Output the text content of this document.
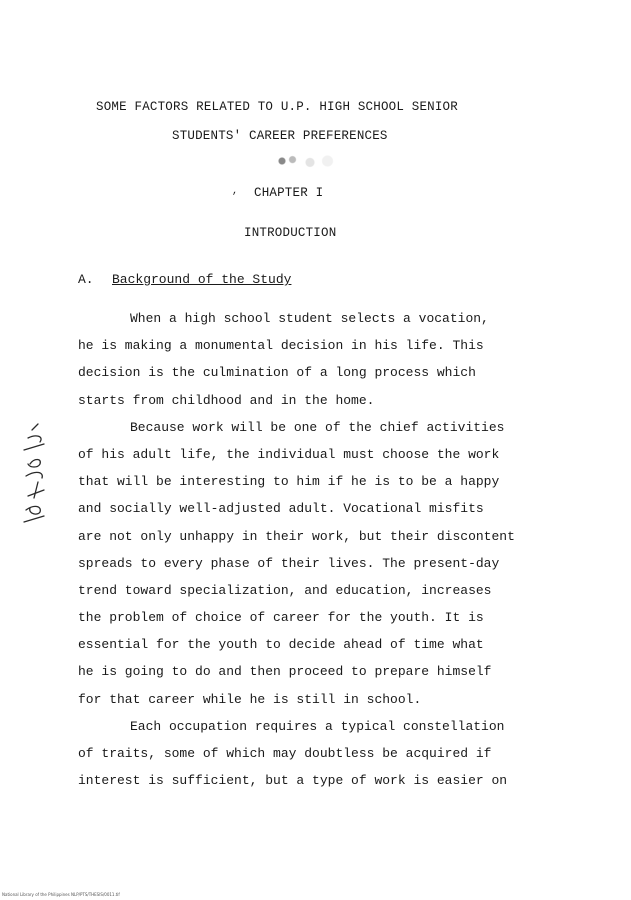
SOME FACTORS RELATED TO U.P. HIGH SCHOOL SENIOR
STUDENTS' CAREER PREFERENCES
, CHAPTER I
INTRODUCTION
A. Background of the Study
When a high school student selects a vocation,
he is making a monumental decision in his life. This
decision is the culmination of a long process which
starts from childhood and in the home.
Because work will be one of the chief activities
of his adult life, the individual must choose the work
that will be interesting to him if he is to be a happy
and socially well-adjusted adult. Vocational misfits
are not only unhappy in their work, but their discontent
spreads to every phase of their lives. The present-day
trend toward specialization, and education, increases
the problem of choice of career for the youth. It is
essential for the youth to decide ahead of time what
he is going to do and then proceed to prepare himself
for that career while he is still in school.
Each occupation requires a typical constellation
of traits, some of which may doubtless be acquired if
interest is sufficient, but a type of work is easier on
National Library of the Philippines NLP/PTS/THESIS/0011.tif
